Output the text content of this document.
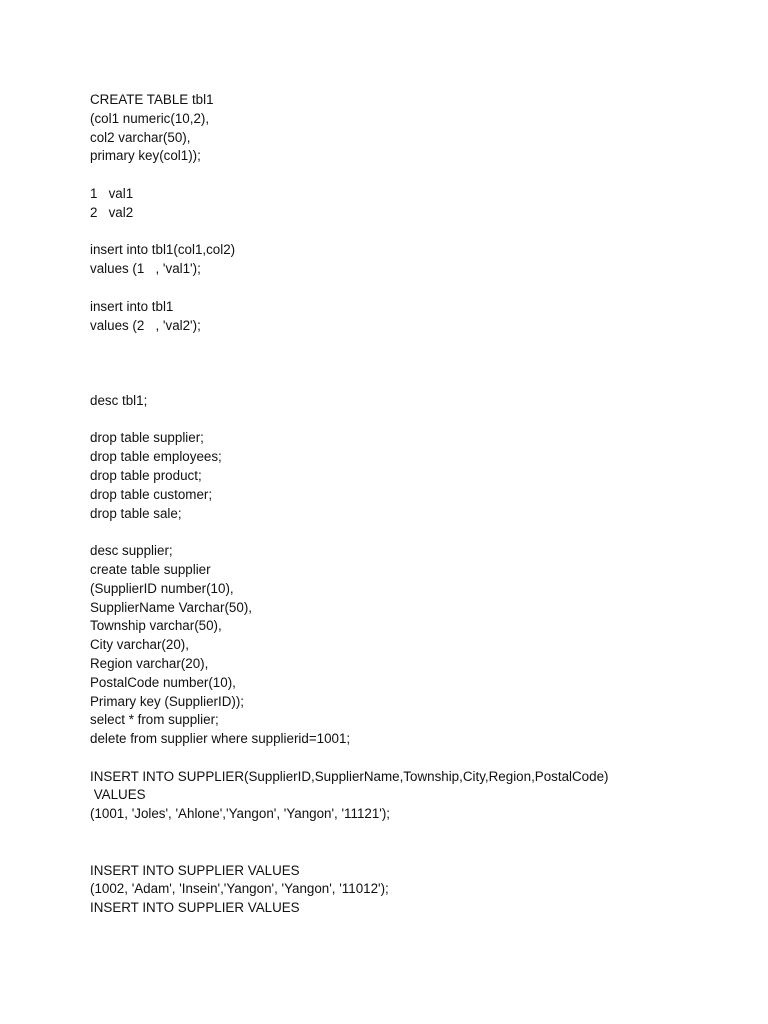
CREATE TABLE tbl1
(col1 numeric(10,2),
col2 varchar(50),
primary key(col1));
1   val1
2   val2
insert into tbl1(col1,col2)
values (1   , 'val1');
insert into tbl1
values (2   , 'val2');
desc tbl1;
drop table supplier;
drop table employees;
drop table product;
drop table customer;
drop table sale;
desc supplier;
create table supplier
(SupplierID number(10),
SupplierName Varchar(50),
Township varchar(50),
City varchar(20),
Region varchar(20),
PostalCode number(10),
Primary key (SupplierID));
select * from supplier;
delete from supplier where supplierid=1001;
INSERT INTO SUPPLIER(SupplierID,SupplierName,Township,City,Region,PostalCode)
VALUES
(1001, 'Joles', 'Ahlone','Yangon', 'Yangon', '11121');
INSERT INTO SUPPLIER VALUES
(1002, 'Adam', 'Insein','Yangon', 'Yangon', '11012');
INSERT INTO SUPPLIER VALUES
